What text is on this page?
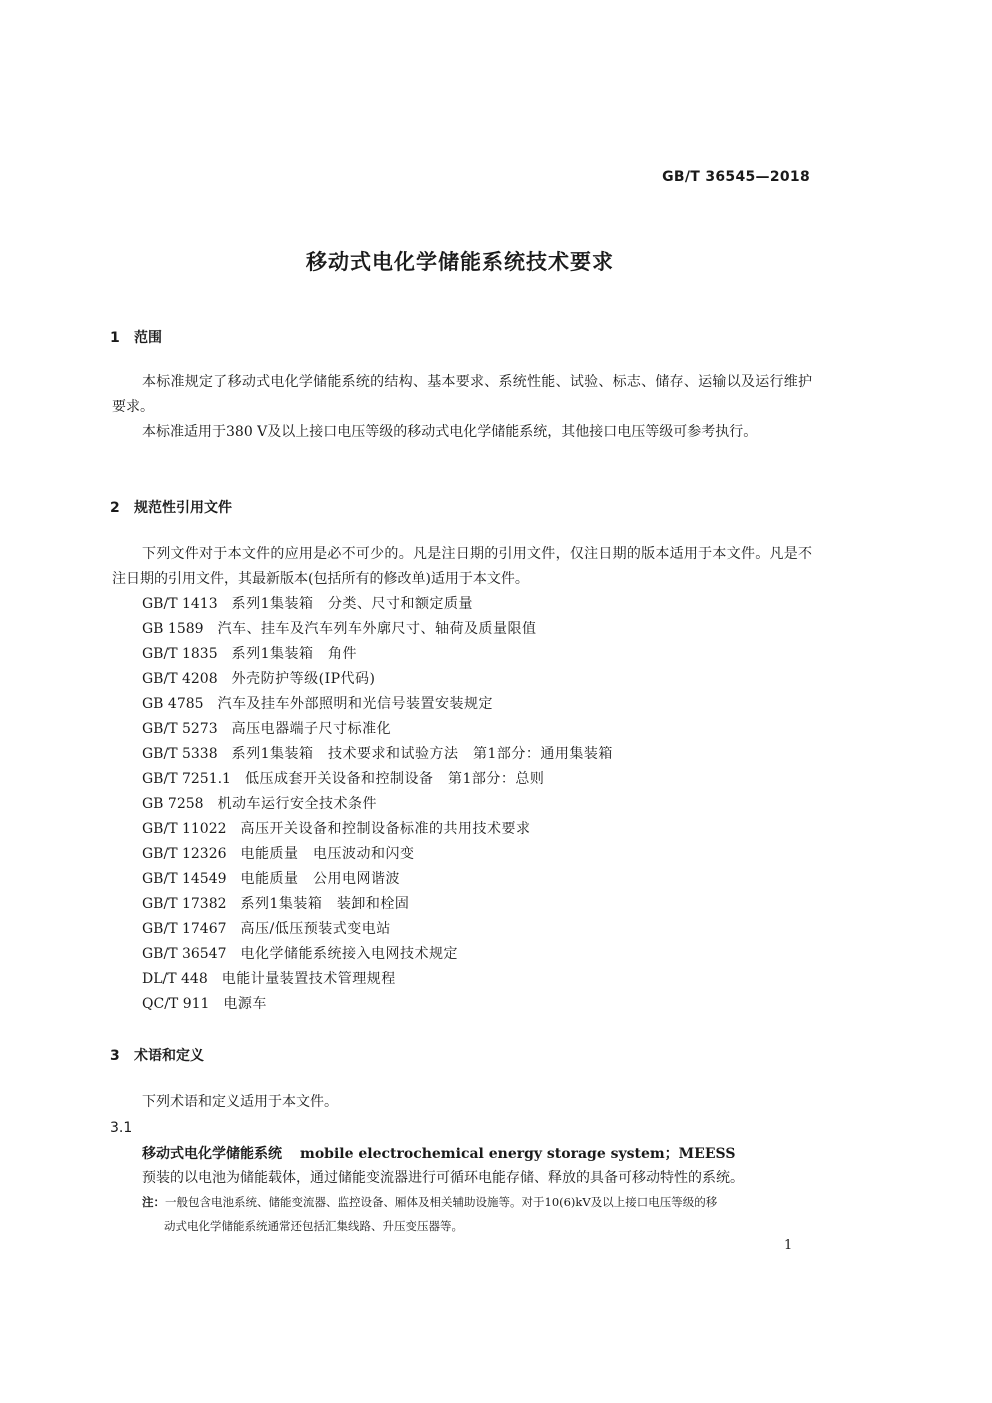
GB/T 36545—2018
移动式电化学储能系统技术要求
1 范围
本标准规定了移动式电化学储能系统的结构、基本要求、系统性能、试验、标志、储存、运输以及运行维护要求。
本标准适用于380 V及以上接口电压等级的移动式电化学储能系统，其他接口电压等级可参考执行。
2 规范性引用文件
下列文件对于本文件的应用是必不可少的。凡是注日期的引用文件，仅注日期的版本适用于本文件。凡是不注日期的引用文件，其最新版本(包括所有的修改单)适用于本文件。
GB/T 1413 系列1集装箱　分类、尺寸和额定质量
GB 1589 汽车、挂车及汽车列车外廓尺寸、轴荷及质量限值
GB/T 1835 系列1集装箱　角件
GB/T 4208 外壳防护等级(IP代码)
GB 4785 汽车及挂车外部照明和光信号装置安装规定
GB/T 5273 高压电器端子尺寸标准化
GB/T 5338 系列1集装箱　技术要求和试验方法　第1部分：通用集装箱
GB/T 7251.1 低压成套开关设备和控制设备　第1部分：总则
GB 7258 机动车运行安全技术条件
GB/T 11022 高压开关设备和控制设备标准的共用技术要求
GB/T 12326 电能质量　电压波动和闪变
GB/T 14549 电能质量　公用电网谐波
GB/T 17382 系列1集装箱　装卸和栓固
GB/T 17467 高压/低压预装式变电站
GB/T 36547 电化学储能系统接入电网技术规定
DL/T 448 电能计量装置技术管理规程
QC/T 911 电源车
3 术语和定义
下列术语和定义适用于本文件。
3.1
移动式电化学储能系统 mobile electrochemical energy storage system；MEESS
预装的以电池为储能载体，通过储能变流器进行可循环电能存储、释放的具备可移动特性的系统。
注：一般包含电池系统、储能变流器、监控设备、厢体及相关辅助设施等。对于10(6)kV及以上接口电压等级的移
动式电化学储能系统通常还包括汇集线路、升压变压器等。
1
